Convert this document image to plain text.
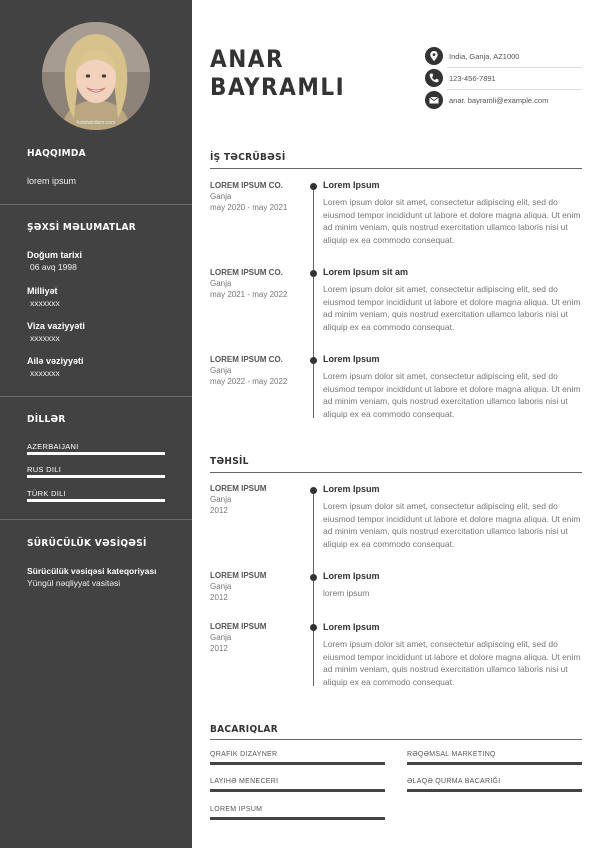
hotelwisdom.com
HAQQIMDA
lorem ipsum
ŞƏXSİ MƏLUMATLAR
Doğum tarixi
06 avq 1998
Milliyət
xxxxxxx
Viza vaziyyəti
xxxxxxx
Ailə vəziyyəti
xxxxxxx
DİLLƏR
AZERBAIJANI
RUS DILI
TÜRK DILI
SÜRÜCÜLÜK VƏSİQƏSİ
Sürücülük vəsiqəsi kateqoriyası
Yüngül nəqliyyat vasitəsi
ANAR
BAYRAMLI
India, Ganja, AZ1000
123-456-7891
anar. bayramli@example.com
İŞ TƏCRÜBƏSİ
LOREM IPSUM CO.
Ganja
may 2020 - may 2021
Lorem Ipsum
Lorem ipsum dolor sit amet, consectetur adipiscing elit, sed do eiusmod tempor incididunt ut labore et dolore magna aliqua. Ut enim ad minim veniam, quis nostrud exercitation ullamco laboris nisi ut aliquip ex ea commodo consequat.
LOREM IPSUM CO.
Ganja
may 2021 - may 2022
Lorem Ipsum sit am
Lorem ipsum dolor sit amet, consectetur adipiscing elit, sed do eiusmod tempor incididunt ut labore et dolore magna aliqua. Ut enim ad minim veniam, quis nostrud exercitation ullamco laboris nisi ut aliquip ex ea commodo consequat.
LOREM IPSUM CO.
Ganja
may 2022 - may 2022
Lorem Ipsum
Lorem ipsum dolor sit amet, consectetur adipiscing elit, sed do eiusmod tempor incididunt ut labore et dolore magna aliqua. Ut enim ad minim veniam, quis nostrud exercitation ullamco laboris nisi ut aliquip ex ea commodo consequat.
TƏHSİL
LOREM IPSUM
Ganja
2012
Lorem Ipsum
Lorem ipsum dolor sit amet, consectetur adipiscing elit, sed do eiusmod tempor incididunt ut labore et dolore magna aliqua. Ut enim ad minim veniam, quis nostrud exercitation ullamco laboris nisi ut aliquip ex ea commodo consequat.
LOREM IPSUM
Ganja
2012
Lorem Ipsum
lorem ipsum
LOREM IPSUM
Ganja
2012
Lorem Ipsum
Lorem ipsum dolor sit amet, consectetur adipiscing elit, sed do eiusmod tempor incididunt ut labore et dolore magna aliqua. Ut enim ad minim veniam, quis nostrud exercitation ullamco laboris nisi ut aliquip ex ea commodo consequat.
BACARIQLAR
QRAFIK DIZAYNER	RƏQƏMSAL MARKETINQ
LAYIHƏ MENECERI	ƏLAQƏ QURMA BACARIĞI
LOREM IPSUM
